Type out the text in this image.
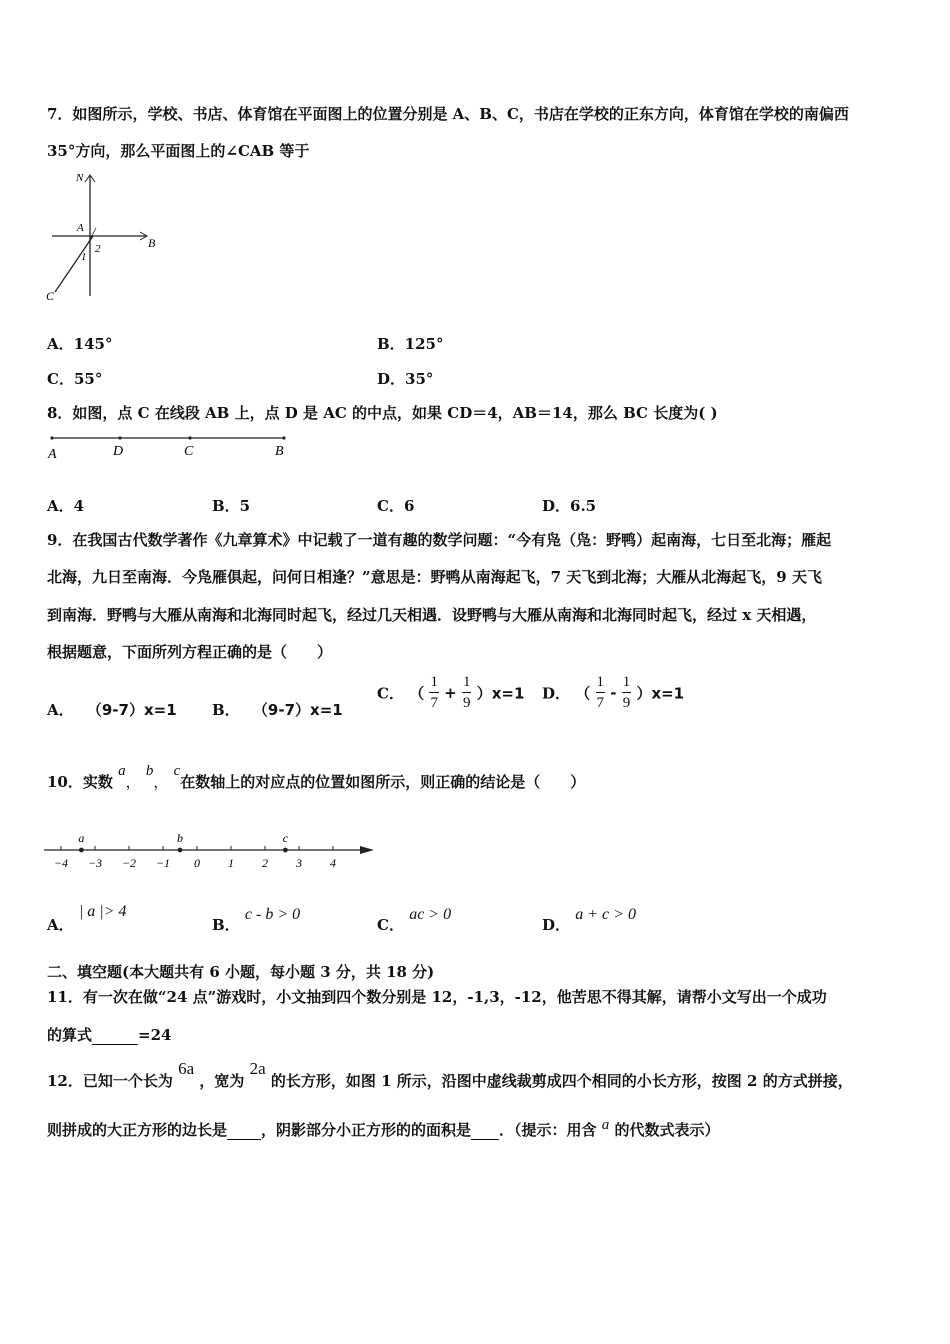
7．如图所示，学校、书店、体育馆在平面图上的位置分别是 A、B、C，书店在学校的正东方向，体育馆在学校的南偏西
35°方向，那么平面图上的∠CAB 等于
N
A
B
C
1
2
A．145°	B．125°
C．55°	D．35°
8．如图，点 C 在线段 AB 上，点 D 是 AC 的中点，如果 CD＝4，AB＝14，那么 BC 长度为( )
A	D	C	B
A．4	B．5	C．6	D．6.5
9．在我国古代数学著作《九章算术》中记载了一道有趣的数学问题：“今有凫（凫：野鸭）起南海，七日至北海；雁起
北海，九日至南海．今凫雁俱起，问何日相逢？”意思是：野鸭从南海起飞，7 天飞到北海；大雁从北海起飞，9 天飞
到南海．野鸭与大雁从南海和北海同时起飞，经过几天相遇．设野鸭与大雁从南海和北海同时起飞，经过 x 天相遇，
根据题意，下面所列方程正确的是（　　）
A． （9-7）x=1 B． （9-7）x=1
C． （ $\frac{1}{7} + \frac{1}{9} )x=1$ D． （ $\frac{1}{7} - \frac{1}{9} )x=1$
10．实数 a， b， c在数轴上的对应点的位置如图所示，则正确的结论是（　　）
−4 −3 −2 −1 0 1 2 3 4
a	b	c
A． | a |> 4
B． c - b > 0
C． ac > 0
D． a + c > 0
二、填空题(本大题共有 6 小题，每小题 3 分，共 18 分)
11．有一次在做“24 点”游戏时，小文抽到四个数分别是 12，-1,3，-12，他苦思不得其解，请帮小文写出一个成功
的算式	=24
12．已知一个长为 6a ，宽为 2a 的长方形，如图 1 所示，沿图中虚线裁剪成四个相同的小长方形，按图 2 的方式拼接，
则拼成的大正方形的边长是 ，阴影部分小正方形的的面积是 ．（提示：用含 a 的代数式表示）
